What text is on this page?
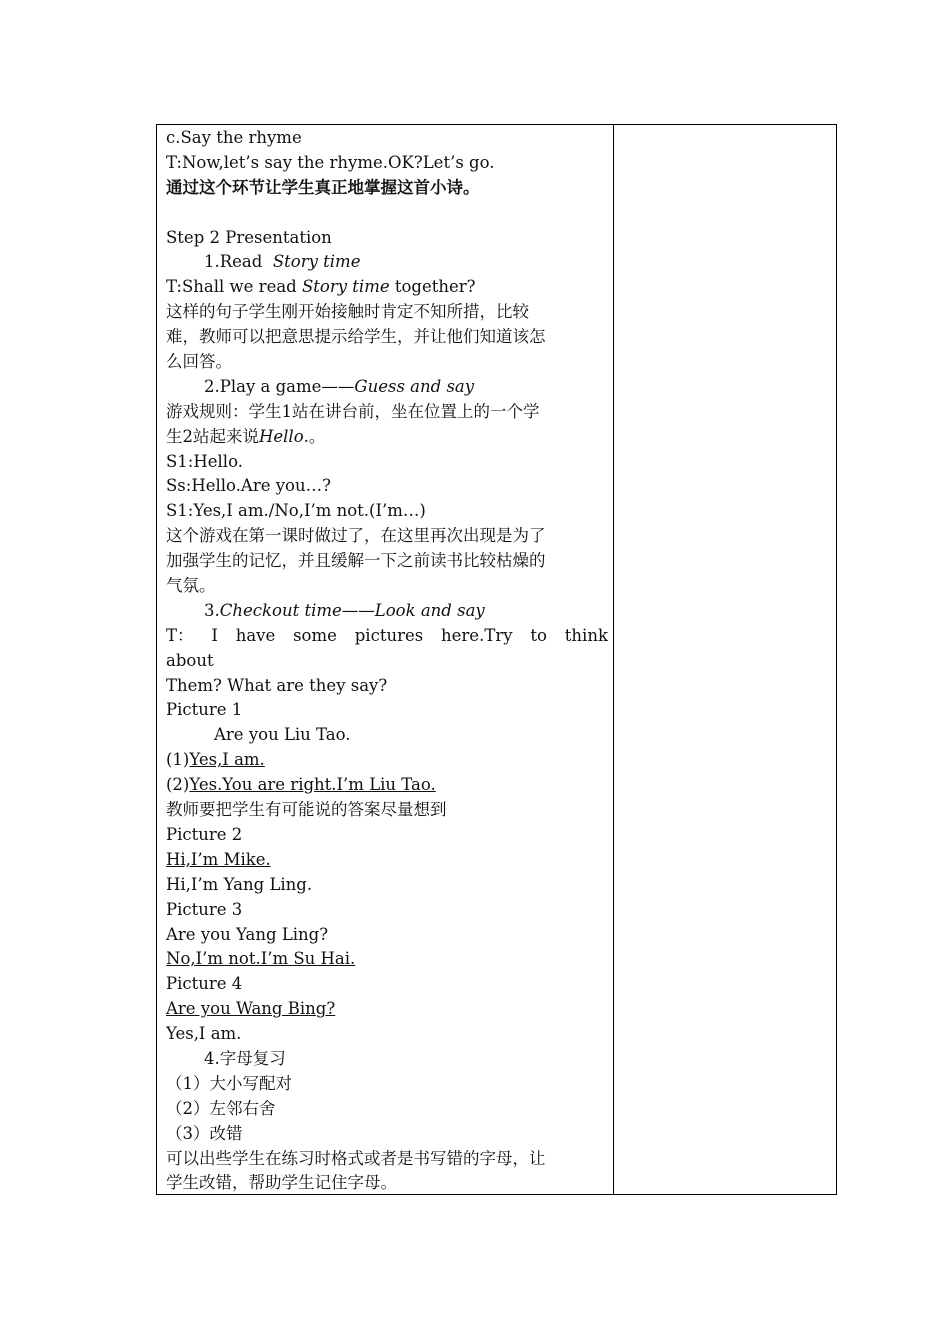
c.Say the rhyme
T:Now,let’s say the rhyme.OK?Let’s go.
通过这个环节让学生真正地掌握这首小诗。
Step 2 Presentation
1.Read  Story time
T:Shall we read Story time together?
这样的句子学生刚开始接触时肯定不知所措，比较
难，教师可以把意思提示给学生，并让他们知道该怎
么回答。
2.Play a game——Guess and say
游戏规则：学生1站在讲台前，坐在位置上的一个学
生2站起来说Hello.。
S1:Hello.
Ss:Hello.Are you…?
S1:Yes,I am./No,I’m not.(I’m…)
这个游戏在第一课时做过了，在这里再次出现是为了
加强学生的记忆，并且缓解一下之前读书比较枯燥的
气氛。
3.Checkout time——Look and say
T： I have some pictures here.Try to think
about
Them? What are they say?
Picture 1
Are you Liu Tao.
(1)Yes,I am.
(2)Yes.You are right.I’m Liu Tao.
教师要把学生有可能说的答案尽量想到
Picture 2
Hi,I’m Mike.
Hi,I’m Yang Ling.
Picture 3
Are you Yang Ling?
No,I’m not.I’m Su Hai.
Picture 4
Are you Wang Bing?
Yes,I am.
4.字母复习
（1）大小写配对
（2）左邻右舍
（3）改错
可以出些学生在练习时格式或者是书写错的字母，让
学生改错，帮助学生记住字母。
